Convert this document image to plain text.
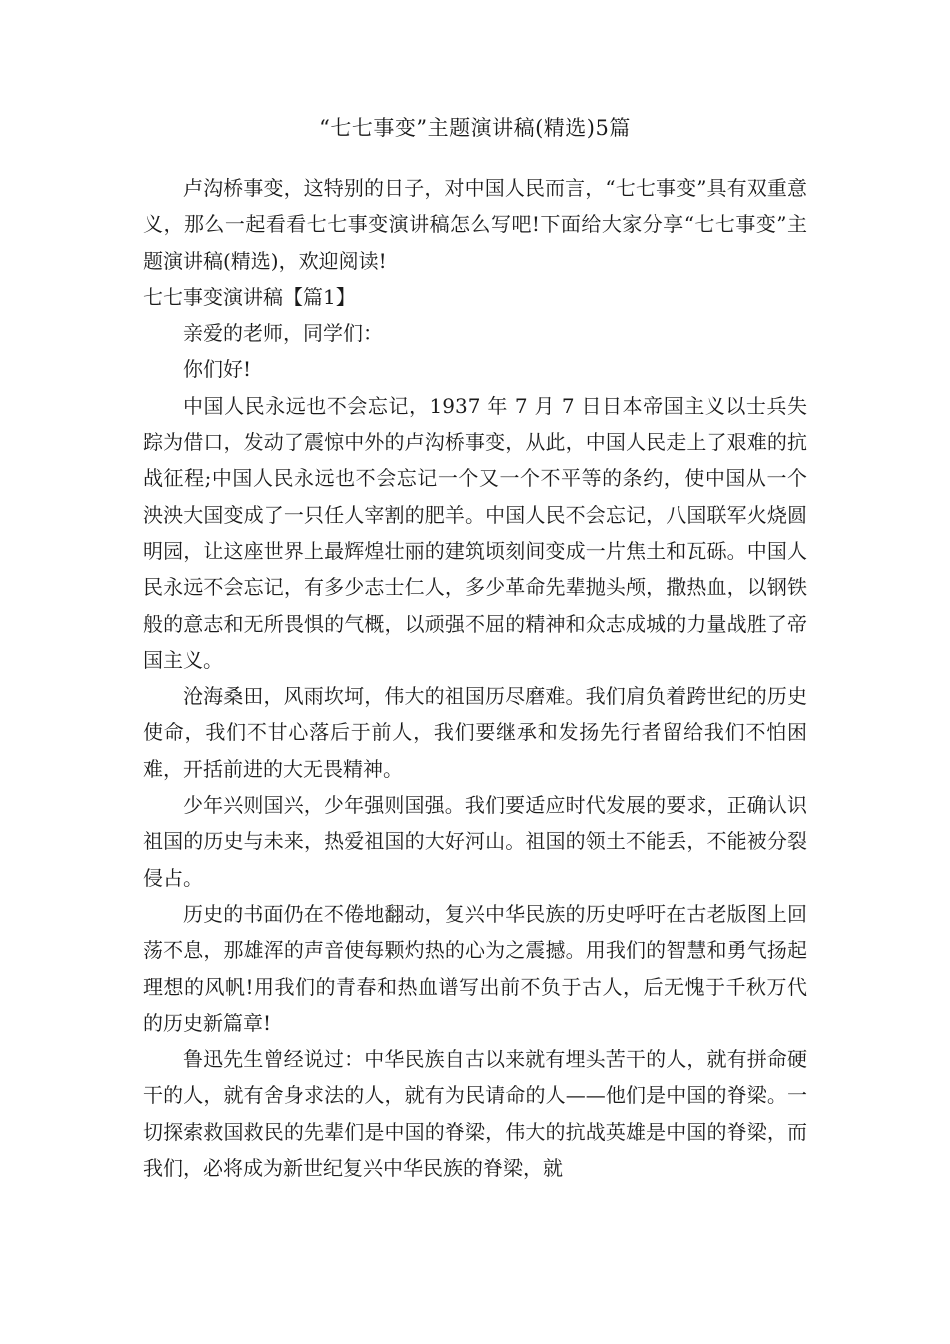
“七七事变”主题演讲稿(精选)5篇

卢沟桥事变，这特别的日子，对中国人民而言，“七七事变”具有双重意义，那么一起看看七七事变演讲稿怎么写吧!下面给大家分享“七七事变”主题演讲稿(精选)，欢迎阅读!

七七事变演讲稿【篇1】

亲爱的老师，同学们：

你们好!

中国人民永远也不会忘记，1937 年 7 月 7 日日本帝国主义以士兵失踪为借口，发动了震惊中外的卢沟桥事变，从此，中国人民走上了艰难的抗战征程;中国人民永远也不会忘记一个又一个不平等的条约，使中国从一个泱泱大国变成了一只任人宰割的肥羊。中国人民不会忘记，八国联军火烧圆明园，让这座世界上最辉煌壮丽的建筑顷刻间变成一片焦土和瓦砾。中国人民永远不会忘记，有多少志士仁人，多少革命先辈抛头颅，撒热血，以钢铁般的意志和无所畏惧的气概，以顽强不屈的精神和众志成城的力量战胜了帝国主义。

沧海桑田，风雨坎坷，伟大的祖国历尽磨难。我们肩负着跨世纪的历史使命，我们不甘心落后于前人，我们要继承和发扬先行者留给我们不怕困难，开括前进的大无畏精神。

少年兴则国兴，少年强则国强。我们要适应时代发展的要求，正确认识祖国的历史与未来，热爱祖国的大好河山。祖国的领土不能丢，不能被分裂侵占。

历史的书面仍在不倦地翻动，复兴中华民族的历史呼吁在古老版图上回荡不息，那雄浑的声音使每颗灼热的心为之震撼。用我们的智慧和勇气扬起理想的风帆!用我们的青春和热血谱写出前不负于古人，后无愧于千秋万代的历史新篇章!

鲁迅先生曾经说过：中华民族自古以来就有埋头苦干的人，就有拼命硬干的人，就有舍身求法的人，就有为民请命的人——他们是中国的脊梁。一切探索救国救民的先辈们是中国的脊梁，伟大的抗战英雄是中国的脊梁，而我们，必将成为新世纪复兴中华民族的脊梁，就
